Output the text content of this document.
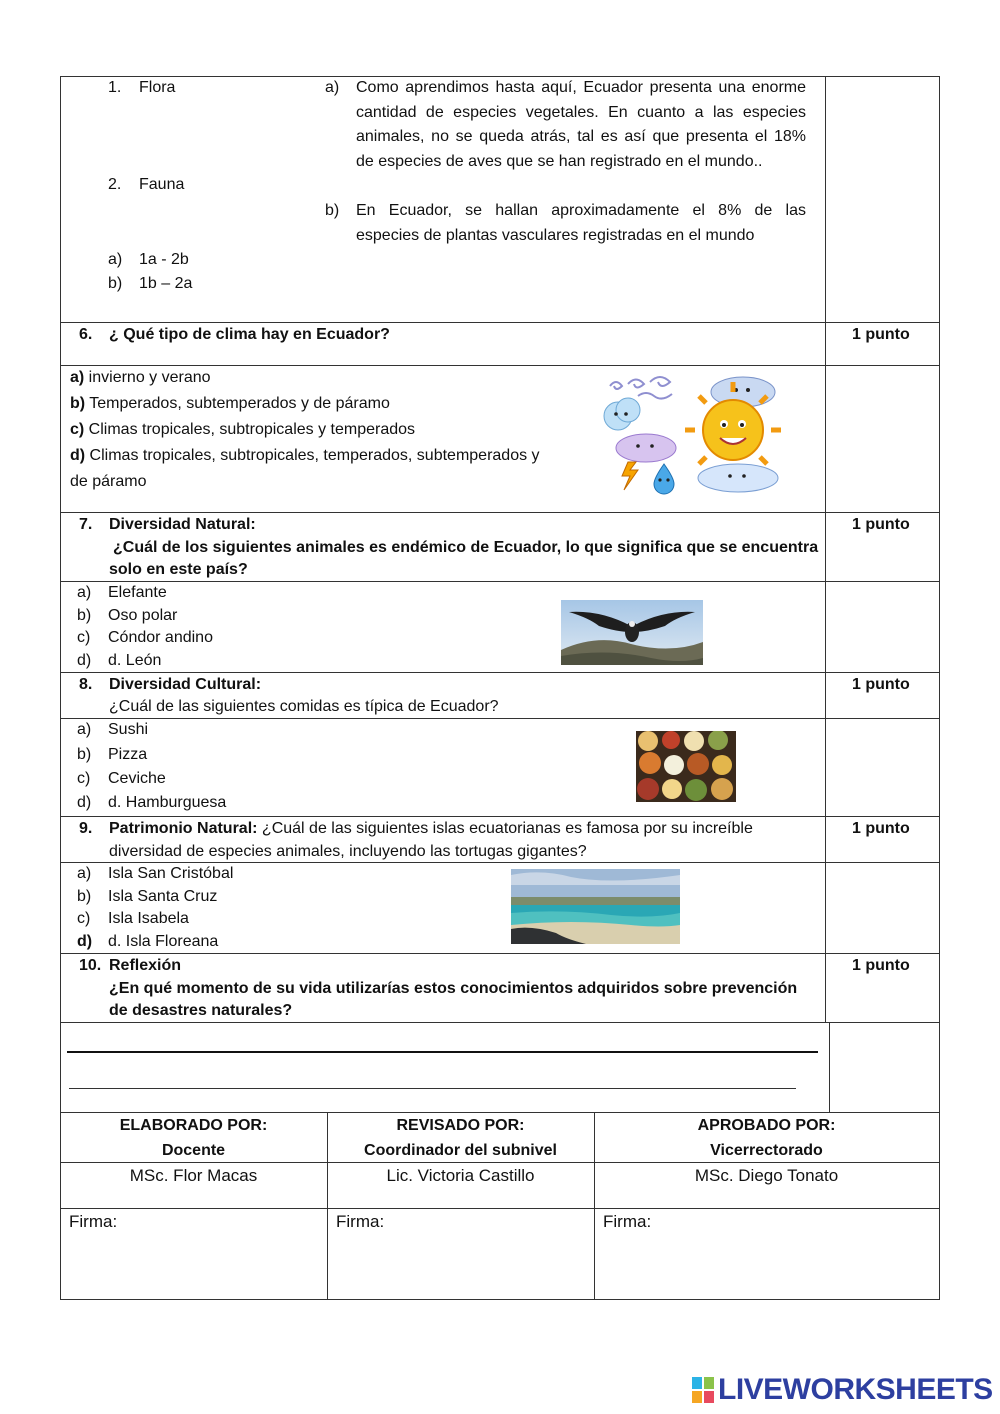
1. Flora
2. Fauna
a) Como aprendimos hasta aquí, Ecuador presenta una enorme
cantidad de especies vegetales. En cuanto a las especies
animales, no se queda atrás, tal es así que presenta el 18%
de especies de aves que se han registrado en el mundo..
b) En Ecuador, se hallan aproximadamente el 8% de las
especies de plantas vasculares registradas en el mundo
a) 1a - 2b
b) 1b – 2a
6. ¿ Qué tipo de clima hay en Ecuador?	1 punto
a) invierno y verano
b) Temperados, subtemperados y de páramo
c) Climas tropicales, subtropicales y temperados
d) Climas tropicales, subtropicales, temperados, subtemperados y
de páramo
7. Diversidad Natural:
¿Cuál de los siguientes animales es endémico de Ecuador, lo que significa que se encuentra
solo en este país?
1 punto
a) Elefante
b) Oso polar
c) Cóndor andino
d) d. León
8. Diversidad Cultural:
¿Cuál de las siguientes comidas es típica de Ecuador?
1 punto
a) Sushi
b) Pizza
c) Ceviche
d) d. Hamburguesa
9. Patrimonio Natural: ¿Cuál de las siguientes islas ecuatorianas es famosa por su increíble
diversidad de especies animales, incluyendo las tortugas gigantes?
1 punto
a) Isla San Cristóbal
b) Isla Santa Cruz
c) Isla Isabela
d) d. Isla Floreana
10. Reflexión
¿En qué momento de su vida utilizarías estos conocimientos adquiridos sobre prevención
de desastres naturales?
1 punto
ELABORADO POR:
Docente
MSc. Flor Macas
Firma:
REVISADO POR:
Coordinador del subnivel
Lic. Victoria Castillo
Firma:
APROBADO POR:
Vicerrectorado
MSc. Diego Tonato
Firma:
LIVEWORKSHEETS
